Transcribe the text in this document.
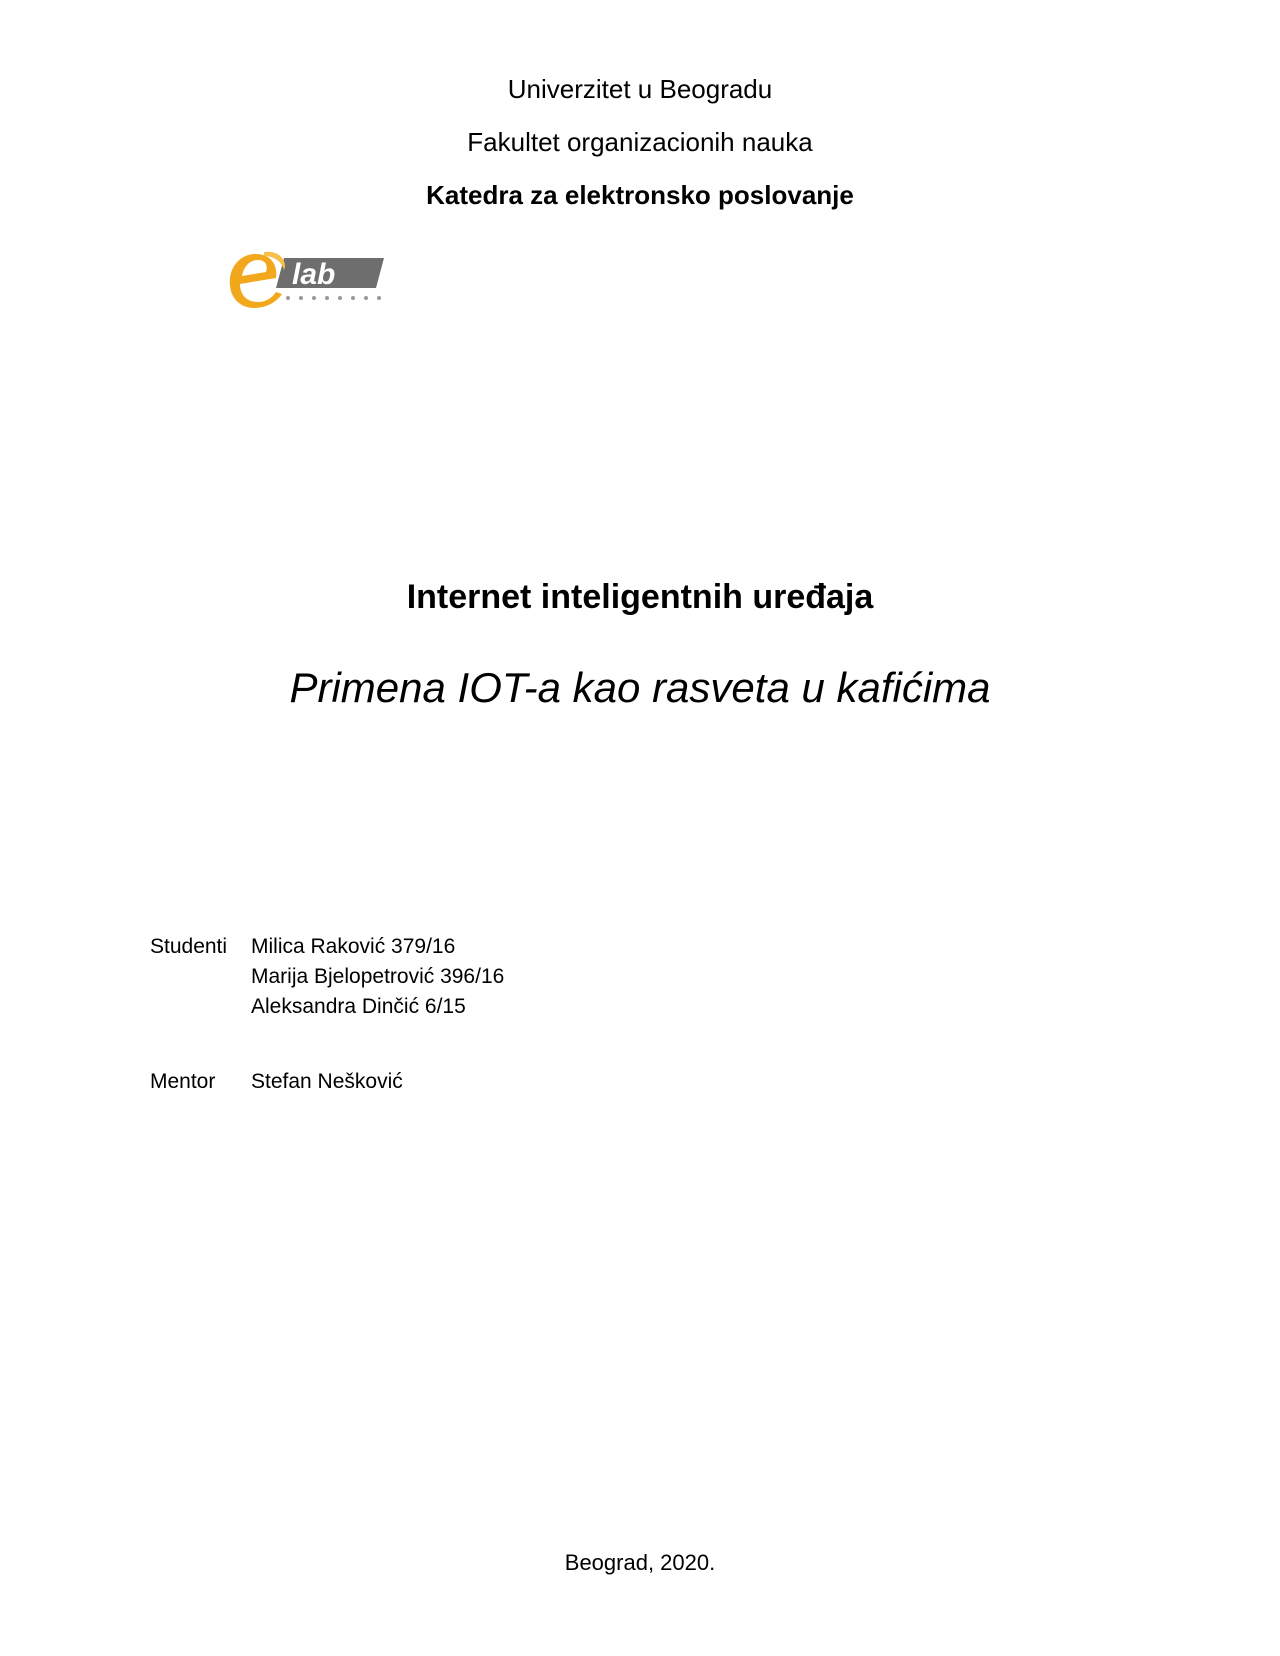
Univerzitet u Beogradu
Fakultet organizacionih nauka
Katedra za elektronsko poslovanje
lab
Internet inteligentnih uređaja
Primena IOT-a kao rasveta u kafićima
Studenti	Milica Raković 379/16
Marija Bjelopetrović 396/16
Aleksandra Dinčić 6/15
Mentor	Stefan Nešković
Beograd, 2020.
